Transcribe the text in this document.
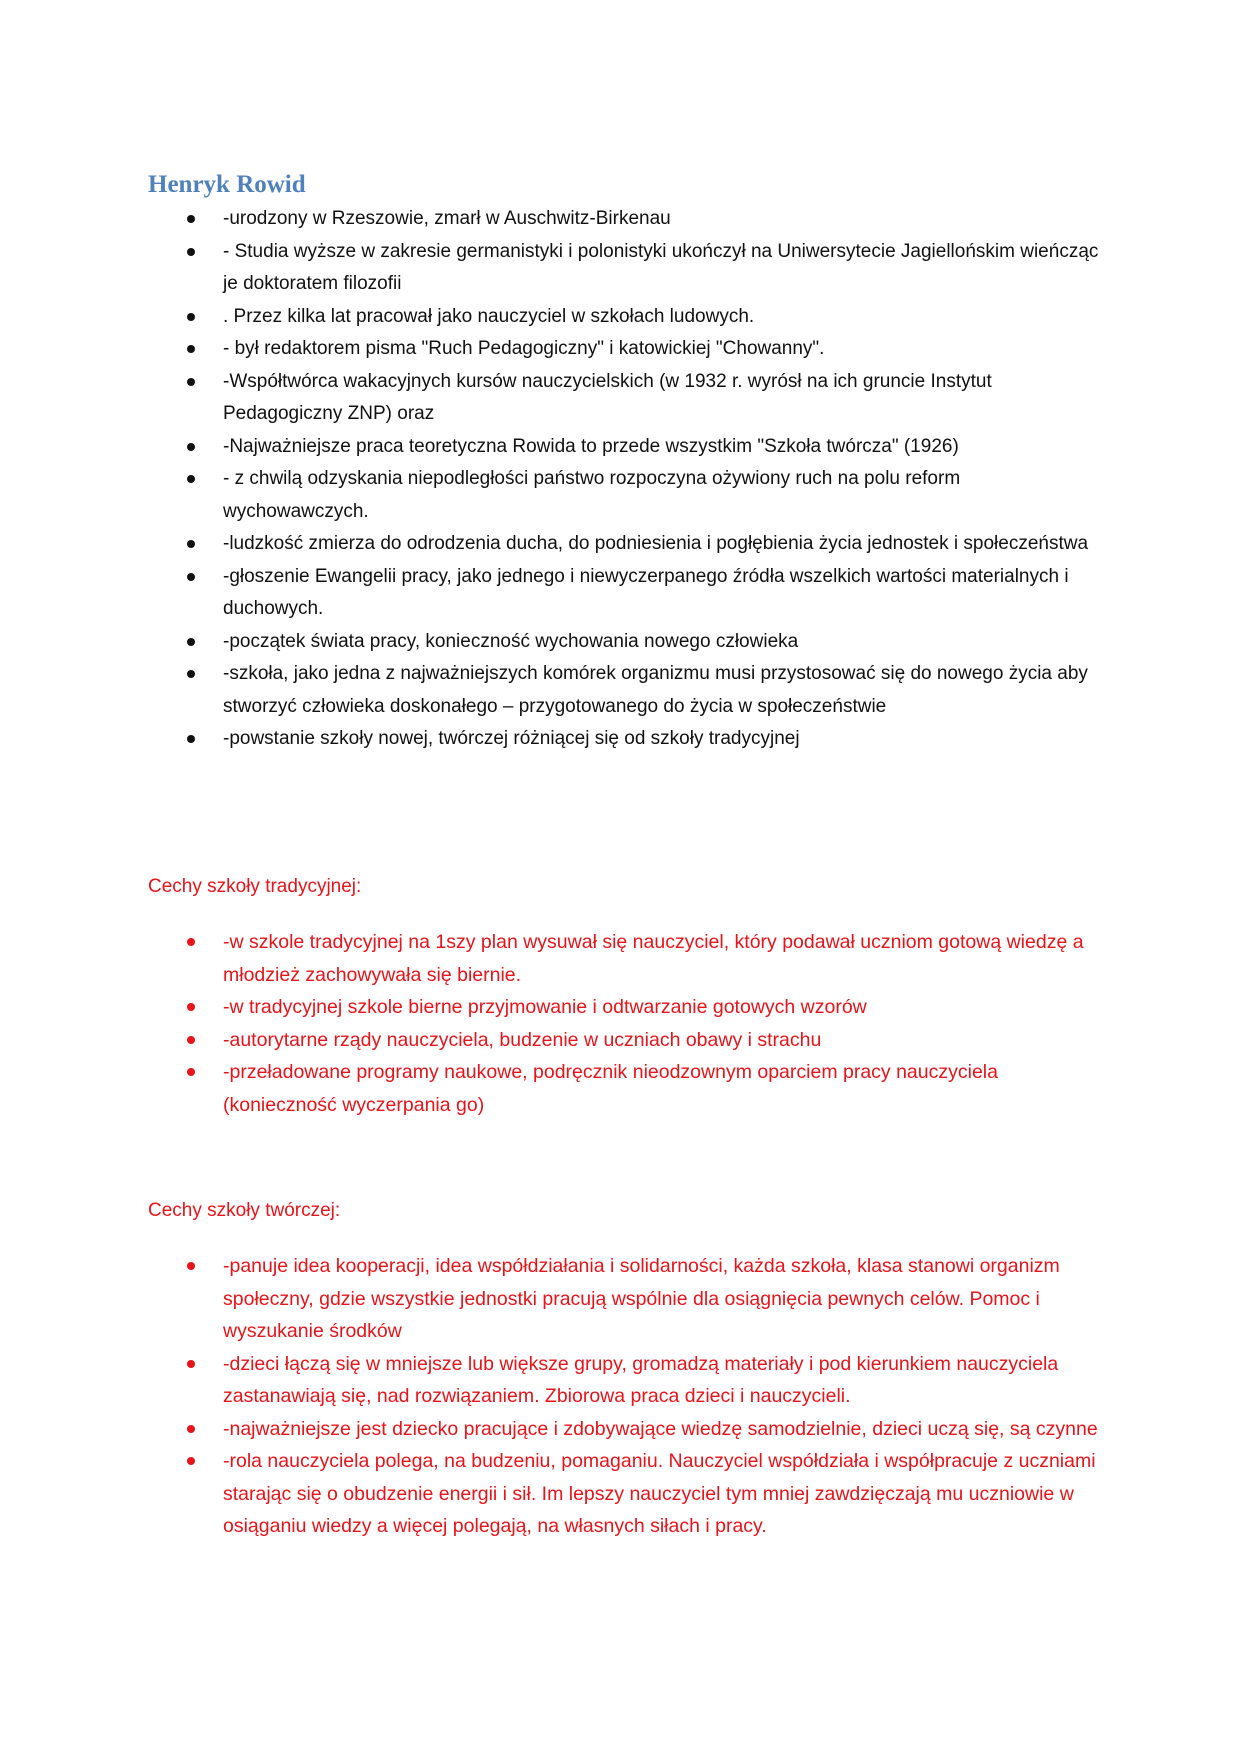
Henryk Rowid
-urodzony w Rzeszowie, zmarł w Auschwitz-Birkenau
- Studia wyższe w zakresie germanistyki i polonistyki ukończył na Uniwersytecie Jagiellońskim wieńcząc je doktoratem filozofii
. Przez kilka lat pracował jako nauczyciel w szkołach ludowych.
- był redaktorem pisma "Ruch Pedagogiczny" i katowickiej "Chowanny".
-Współtwórca wakacyjnych kursów nauczycielskich (w 1932 r. wyrósł na ich gruncie Instytut Pedagogiczny ZNP) oraz
-Najważniejsze praca teoretyczna Rowida to przede wszystkim "Szkoła twórcza" (1926)
- z chwilą odzyskania niepodległości państwo rozpoczyna ożywiony ruch na polu reform wychowawczych.
-ludzkość zmierza do odrodzenia ducha, do podniesienia i pogłębienia życia jednostek i społeczeństwa
-głoszenie Ewangelii pracy, jako jednego i niewyczerpanego źródła wszelkich wartości materialnych i duchowych.
-początek świata pracy, konieczność wychowania nowego człowieka
-szkoła, jako jedna z najważniejszych komórek organizmu musi przystosować się do nowego życia aby stworzyć człowieka doskonałego – przygotowanego do życia w społeczeństwie
-powstanie szkoły nowej, twórczej różniącej się od szkoły tradycyjnej
Cechy szkoły tradycyjnej:
-w szkole tradycyjnej na 1szy plan wysuwał się nauczyciel, który podawał uczniom gotową wiedzę a młodzież zachowywała się biernie.
-w tradycyjnej szkole bierne przyjmowanie i odtwarzanie gotowych wzorów
-autorytarne rządy nauczyciela, budzenie w uczniach obawy i strachu
-przeładowane programy naukowe, podręcznik nieodzownym oparciem pracy nauczyciela (konieczność wyczerpania go)
Cechy szkoły twórczej:
-panuje idea kooperacji, idea współdziałania i solidarności, każda szkoła, klasa stanowi organizm społeczny, gdzie wszystkie jednostki pracują wspólnie dla osiągnięcia pewnych celów. Pomoc i wyszukanie środków
-dzieci łączą się w mniejsze lub większe grupy, gromadzą materiały i pod kierunkiem nauczyciela zastanawiają się, nad rozwiązaniem. Zbiorowa praca dzieci i nauczycieli.
-najważniejsze jest dziecko pracujące i zdobywające wiedzę samodzielnie, dzieci uczą się, są czynne
-rola nauczyciela polega, na budzeniu, pomaganiu. Nauczyciel współdziała i współpracuje z uczniami starając się o obudzenie energii i sił. Im lepszy nauczyciel tym mniej zawdzięczają mu uczniowie w osiąganiu wiedzy a więcej polegają, na własnych siłach i pracy.
